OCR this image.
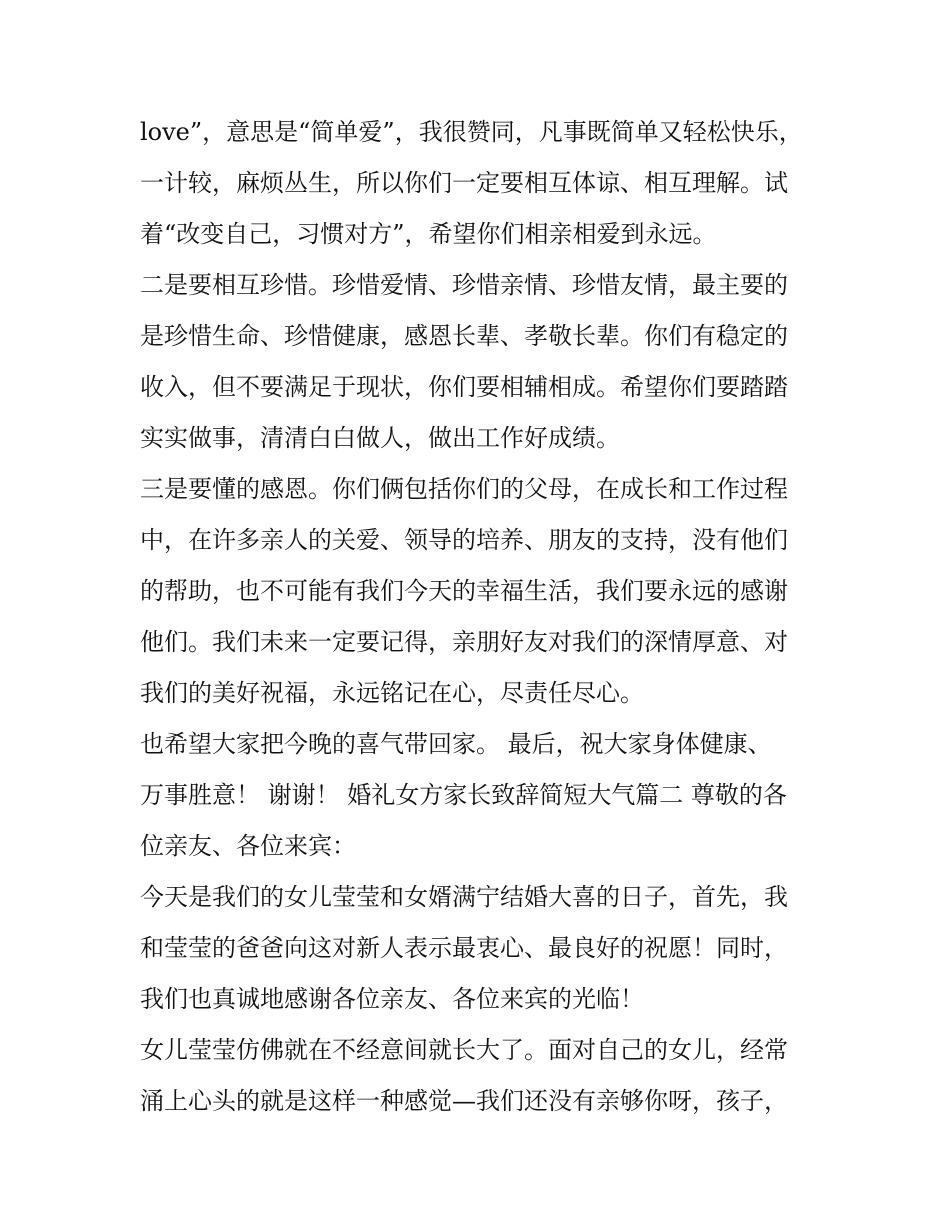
love”，意思是“简单爱”，我很赞同，凡事既简单又轻松快乐，
一计较，麻烦丛生，所以你们一定要相互体谅、相互理解。试
着“改变自己，习惯对方”，希望你们相亲相爱到永远。
二是要相互珍惜。珍惜爱情、珍惜亲情、珍惜友情，最主要的
是珍惜生命、珍惜健康，感恩长辈、孝敬长辈。你们有稳定的
收入，但不要满足于现状，你们要相辅相成。希望你们要踏踏
实实做事，清清白白做人，做出工作好成绩。
三是要懂的感恩。你们俩包括你们的父母，在成长和工作过程
中，在许多亲人的关爱、领导的培养、朋友的支持，没有他们
的帮助，也不可能有我们今天的幸福生活，我们要永远的感谢
他们。我们未来一定要记得，亲朋好友对我们的深情厚意、对
我们的美好祝福，永远铭记在心，尽责任尽心。
也希望大家把今晚的喜气带回家。 最后，祝大家身体健康、
万事胜意！ 谢谢！ 婚礼女方家长致辞简短大气篇二 尊敬的各
位亲友、各位来宾：
今天是我们的女儿莹莹和女婿满宁结婚大喜的日子，首先，我
和莹莹的爸爸向这对新人表示最衷心、最良好的祝愿！同时，
我们也真诚地感谢各位亲友、各位来宾的光临！
女儿莹莹仿佛就在不经意间就长大了。面对自己的女儿，经常
涌上心头的就是这样一种感觉—我们还没有亲够你呀，孩子，
